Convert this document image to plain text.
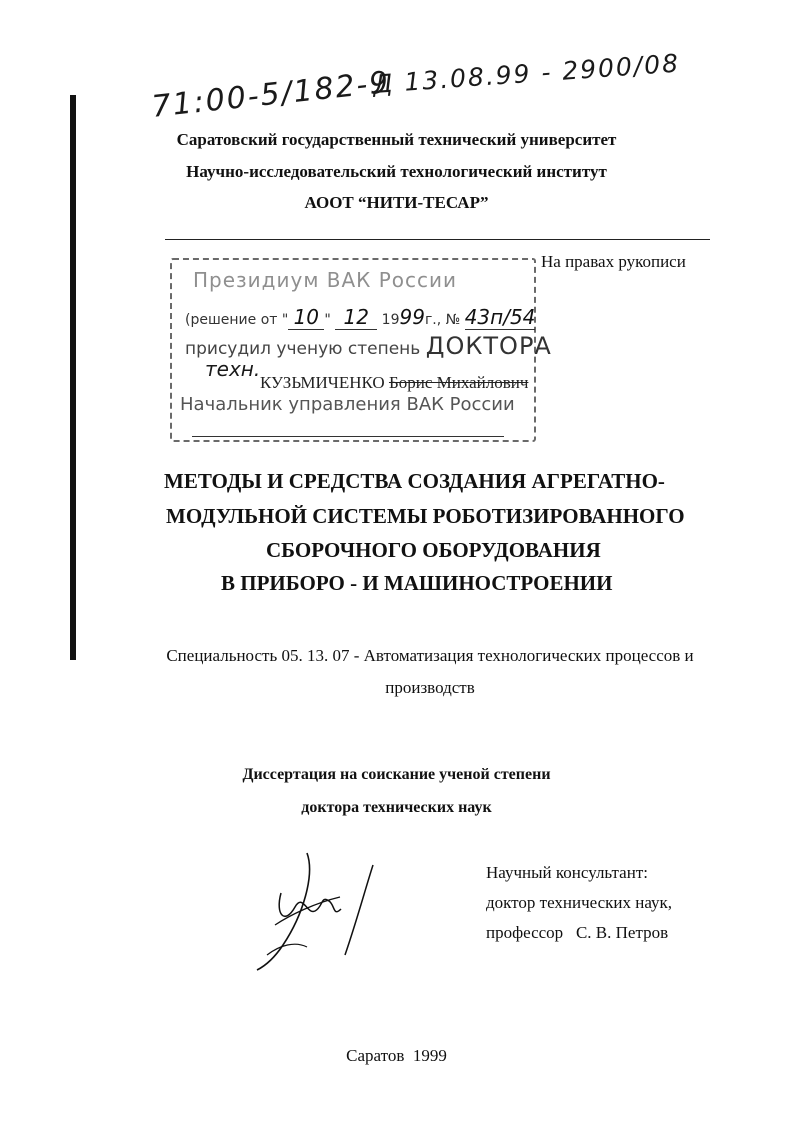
Д 13.08.99 - 2900/08
71:00-5/182-9
Саратовский государственный технический университет
Научно-исследовательский технологический институт
АООТ “НИТИ-ТЕСАР”
На правах рукописи
Президиум ВАК России
(решение от " 10 " 12 1999г., № 43п/54
присудил ученую степень ДОКТОРА
техн.
КУЗЬМИЧЕНКО Борис Михайлович
Начальник управления ВАК России
МЕТОДЫ И СРЕДСТВА СОЗДАНИЯ АГРЕГАТНО-
МОДУЛЬНОЙ СИСТЕМЫ РОБОТИЗИРОВАННОГО
СБОРОЧНОГО ОБОРУДОВАНИЯ
В ПРИБОРО - И МАШИНОСТРОЕНИИ
Специальность 05. 13. 07 - Автоматизация технологических процессов и
производств
Диссертация на соискание ученой степени
доктора технических наук
Научный консультант:
доктор технических наук,
профессор С. В. Петров
Саратов 1999
